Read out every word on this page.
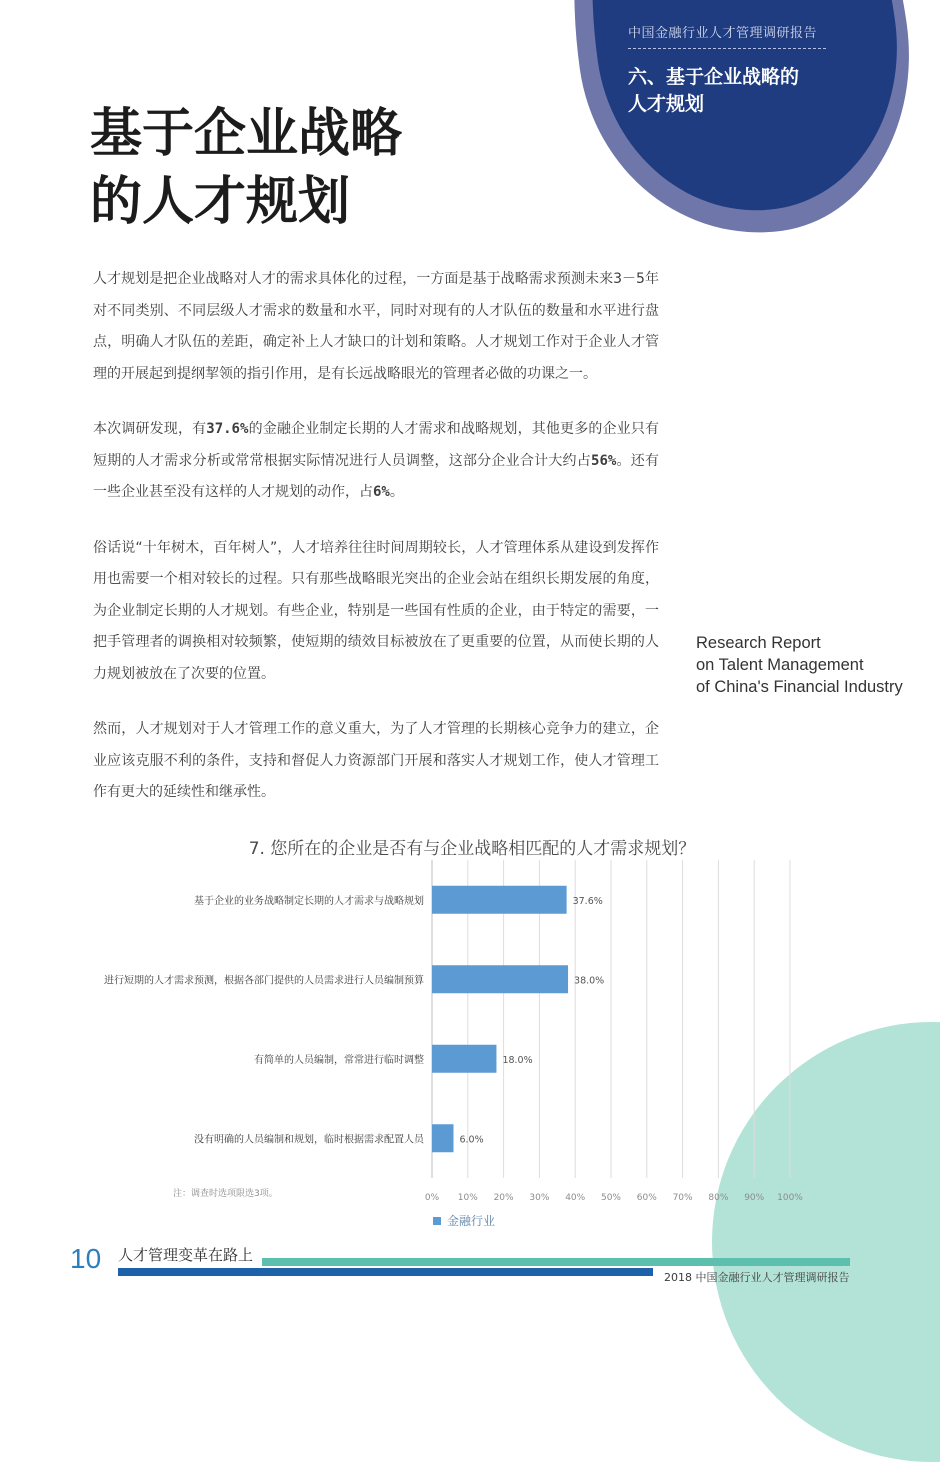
中国金融行业人才管理调研报告
六、基于企业战略的
人才规划
基于企业战略
的人才规划

人才规划是把企业战略对人才的需求具体化的过程，一方面是基于战略需求预测未来3－5年对不同类别、不同层级人才需求的数量和水平，同时对现有的人才队伍的数量和水平进行盘点，明确人才队伍的差距，确定补上人才缺口的计划和策略。人才规划工作对于企业人才管理的开展起到提纲挈领的指引作用，是有长远战略眼光的管理者必做的功课之一。

本次调研发现，有37.6%的金融企业制定长期的人才需求和战略规划，其他更多的企业只有短期的人才需求分析或常常根据实际情况进行人员调整，这部分企业合计大约占56%。还有一些企业甚至没有这样的人才规划的动作，占6%。

俗话说“十年树木，百年树人”，人才培养往往时间周期较长，人才管理体系从建设到发挥作用也需要一个相对较长的过程。只有那些战略眼光突出的企业会站在组织长期发展的角度，为企业制定长期的人才规划。有些企业，特别是一些国有性质的企业，由于特定的需要，一把手管理者的调换相对较频繁，使短期的绩效目标被放在了更重要的位置，从而使长期的人力规划被放在了次要的位置。

然而，人才规划对于人才管理工作的意义重大，为了人才管理的长期核心竞争力的建立，企业应该克服不利的条件，支持和督促人力资源部门开展和落实人才规划工作，使人才管理工作有更大的延续性和继承性。

Research Report
on Talent Management
of China's Financial Industry
7. 您所在的企业是否有与企业战略相匹配的人才需求规划？
0% 10% 20% 30% 40% 50% 60% 70% 80% 90% 100%
基于企业的业务战略制定长期的人才需求与战略规划	37.6%
进行短期的人才需求预测，根据各部门提供的人员需求进行人员编制预算	38.0%
有简单的人员编制，常常进行临时调整	18.0%
没有明确的人员编制和规划，临时根据需求配置人员	6.0%
注：调查时选项限选3项。
金融行业
10 人才管理变革在路上
2018 中国金融行业人才管理调研报告
